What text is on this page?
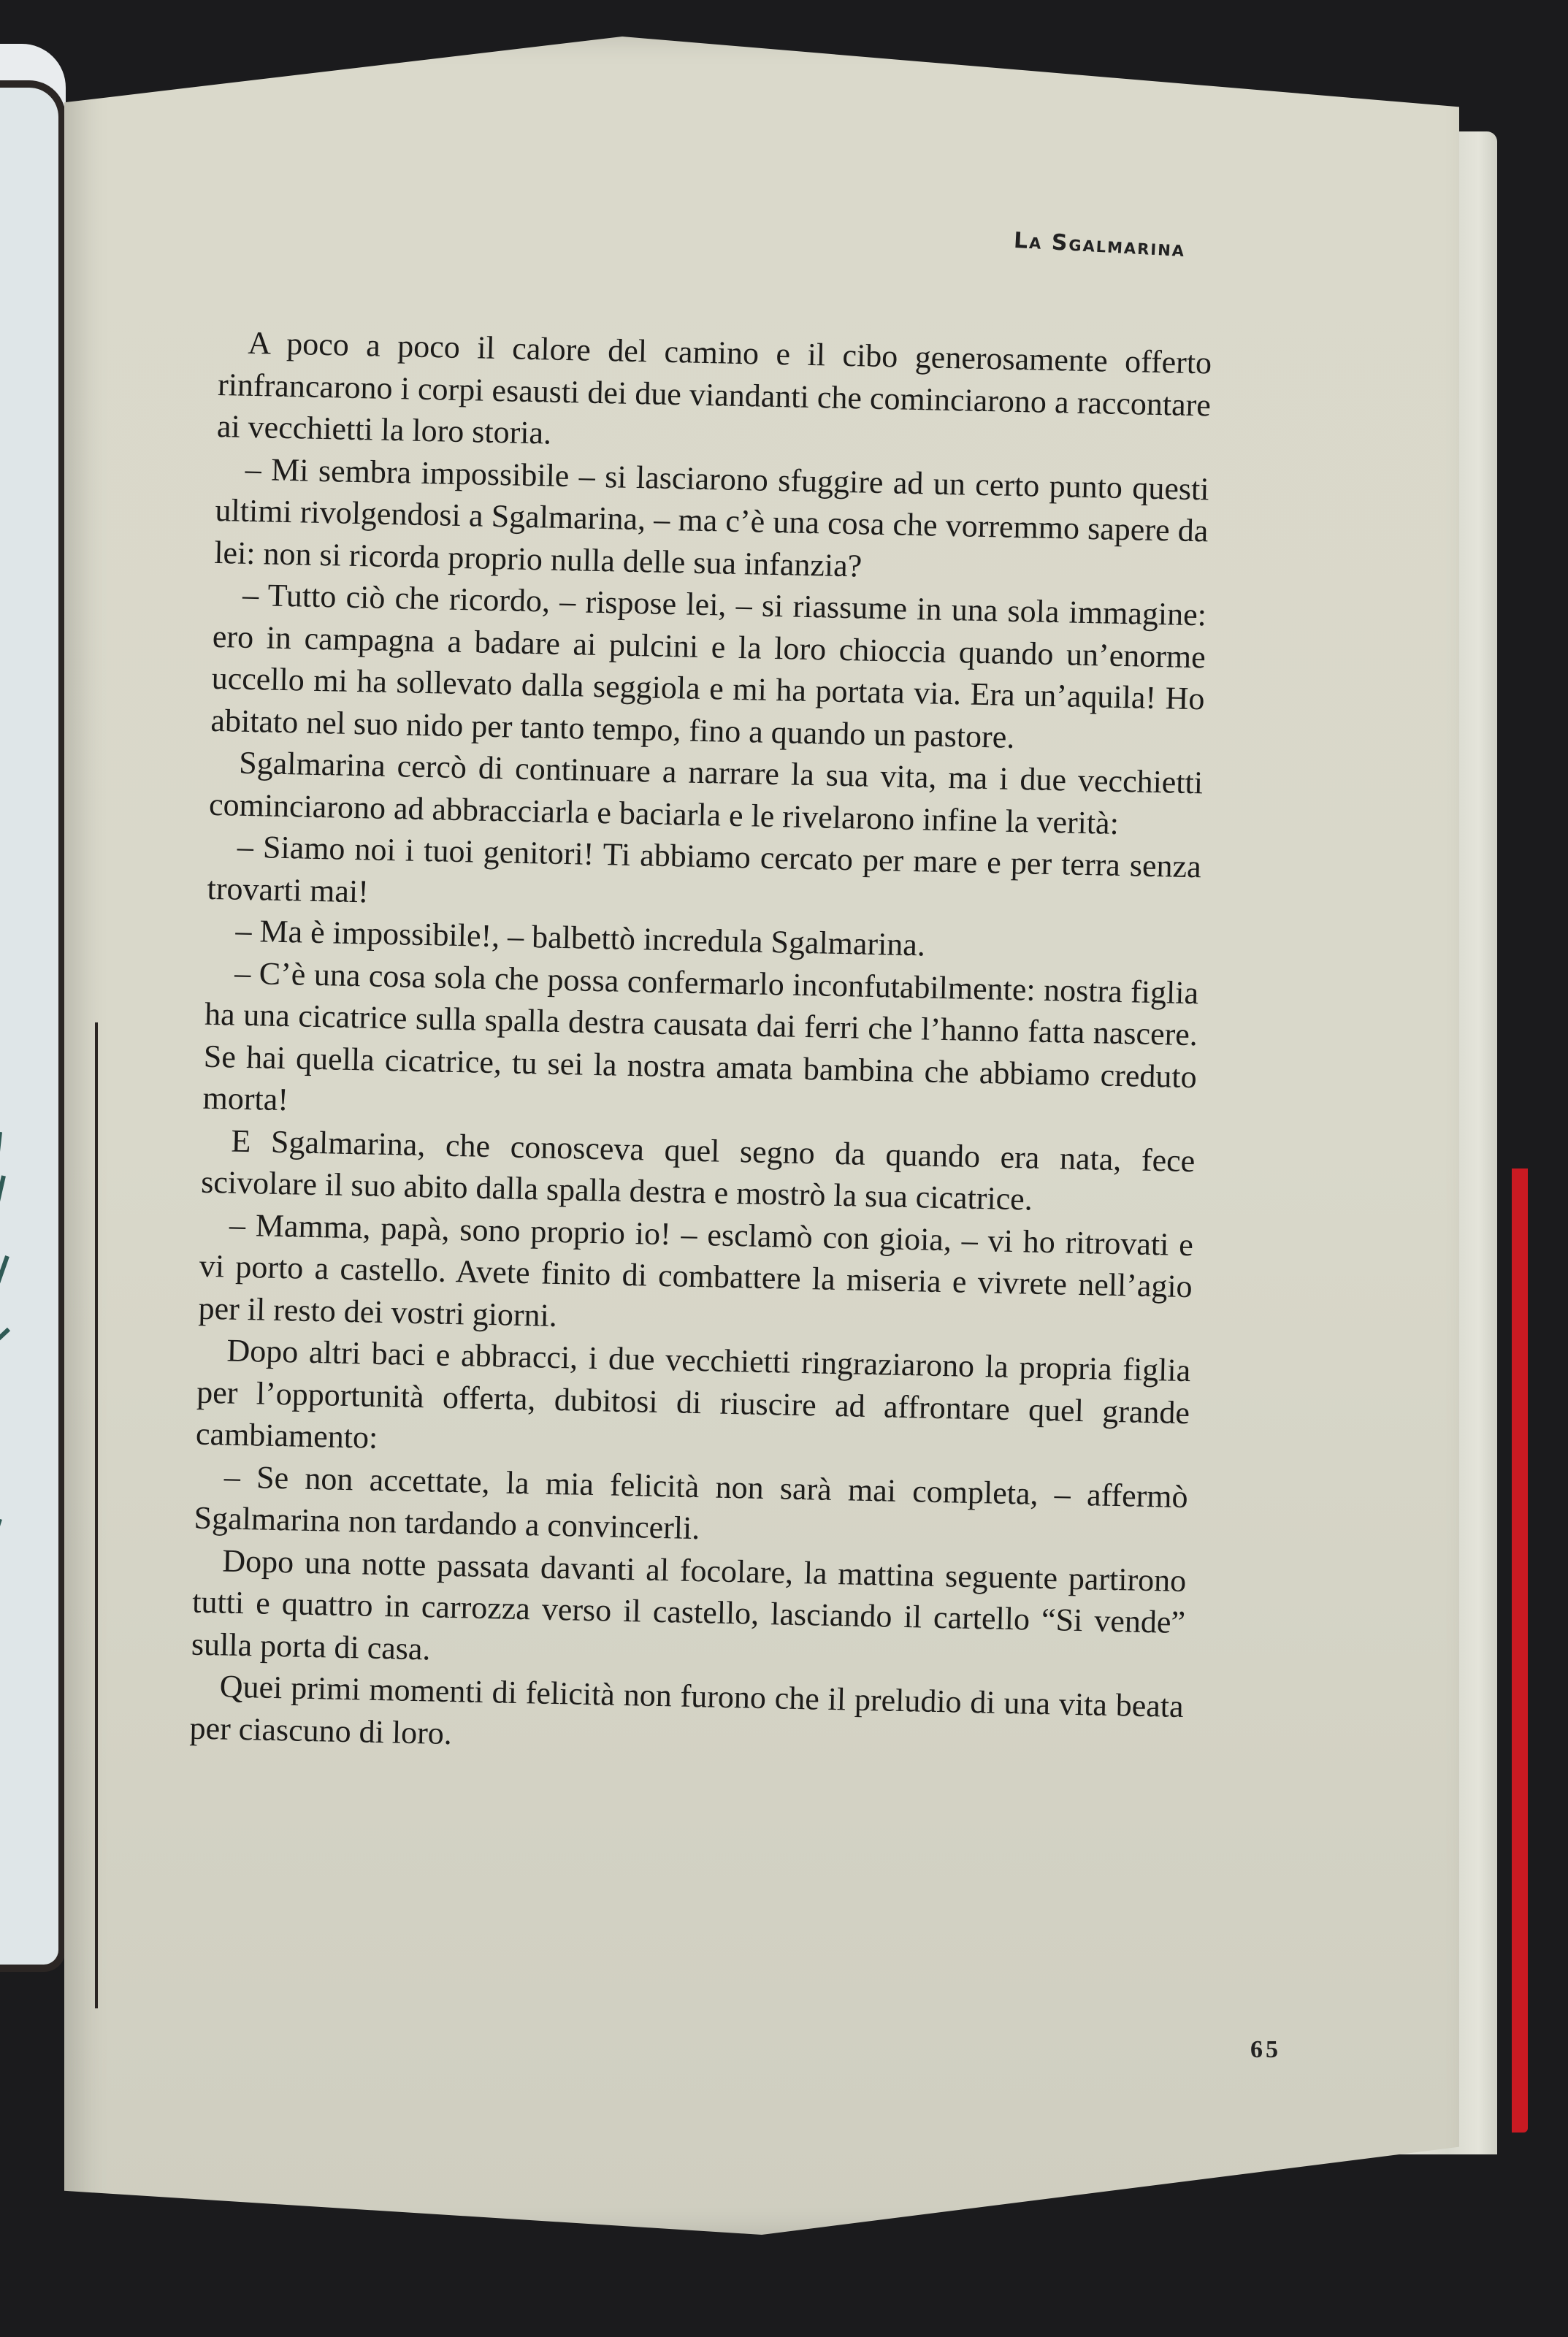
La Sgalmarina

A poco a poco il calore del camino e il cibo generosamente offerto rinfrancarono i corpi esausti dei due viandanti che cominciarono a raccontare ai vecchietti la loro storia.

– Mi sembra impossibile – si lasciarono sfuggire ad un certo punto questi ultimi rivolgendosi a Sgalmarina, – ma c’è una cosa che vorremmo sapere da lei: non si ricorda proprio nulla delle sua infanzia?

– Tutto ciò che ricordo, – rispose lei, – si riassume in una sola immagine: ero in campagna a badare ai pulcini e la loro chioccia quando un’enorme uccello mi ha sollevato dalla seggiola e mi ha portata via. Era un’aquila! Ho abitato nel suo nido per tanto tempo, fino a quando un pastore.

Sgalmarina cercò di continuare a narrare la sua vita, ma i due vecchietti cominciarono ad abbracciarla e baciarla e le rivelarono infine la verità:

– Siamo noi i tuoi genitori! Ti abbiamo cercato per mare e per terra senza trovarti mai!

– Ma è impossibile!, – balbettò incredula Sgalmarina.

– C’è una cosa sola che possa confermarlo inconfutabilmente: nostra figlia ha una cicatrice sulla spalla destra causata dai ferri che l’hanno fatta nascere. Se hai quella cicatrice, tu sei la nostra amata bambina che abbiamo creduto morta!

E Sgalmarina, che conosceva quel segno da quando era nata, fece scivolare il suo abito dalla spalla destra e mostrò la sua cicatrice.

– Mamma, papà, sono proprio io! – esclamò con gioia, – vi ho ritrovati e vi porto a castello. Avete finito di combattere la miseria e vivrete nell’agio per il resto dei vostri giorni.

Dopo altri baci e abbracci, i due vecchietti ringraziarono la propria figlia per l’opportunità offerta, dubitosi di riuscire ad affrontare quel grande cambiamento:

– Se non accettate, la mia felicità non sarà mai completa, – affermò Sgalmarina non tardando a convincerli.

Dopo una notte passata davanti al focolare, la mattina seguente partirono tutti e quattro in carrozza verso il castello, lasciando il cartello “Si vende” sulla porta di casa.

Quei primi momenti di felicità non furono che il preludio di una vita beata per ciascuno di loro.

65
